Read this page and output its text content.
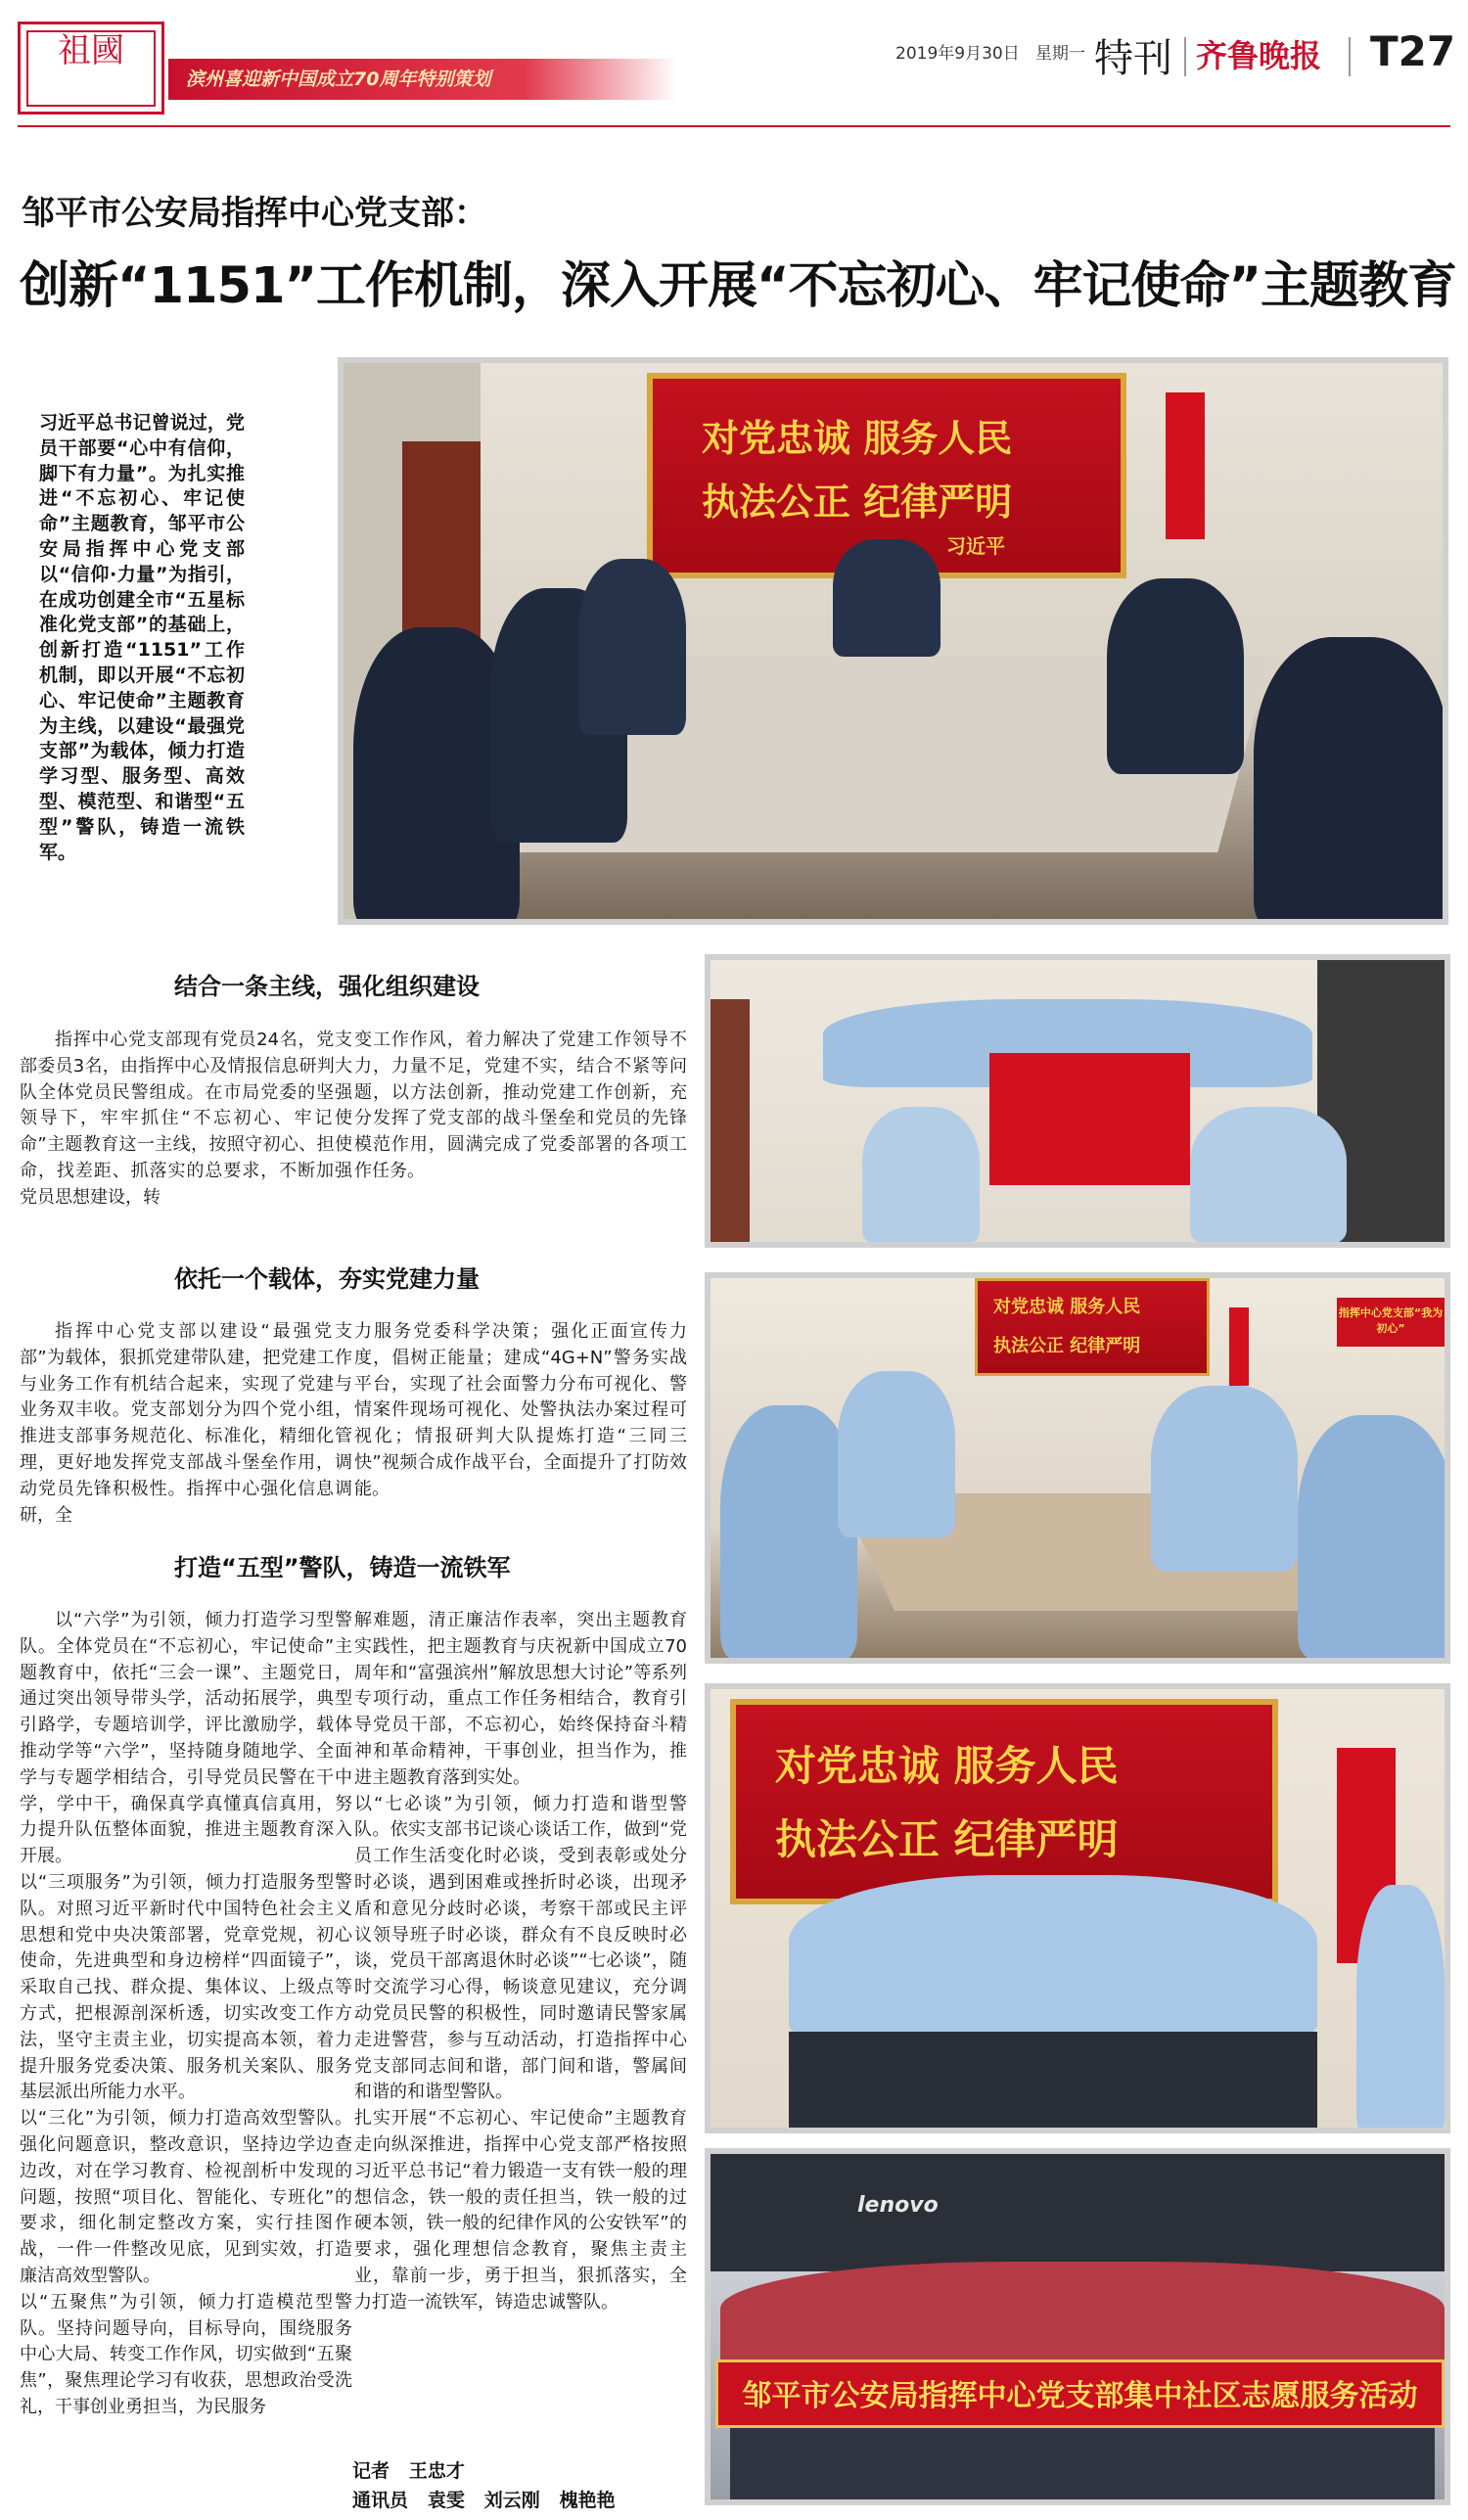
祖國
滨州喜迎新中国成立70周年特别策划
2019年9月30日 星期一 特刊 齐鲁晚报 T27
邹平市公安局指挥中心党支部：
创新“1151”工作机制，深入开展“不忘初心、牢记使命”主题教育
习近平总书记曾说过，党员干部要“心中有信仰，脚下有力量”。为扎实推进“不忘初心、牢记使命”主题教育，邹平市公安局指挥中心党支部以“信仰·力量”为指引，在成功创建全市“五星标准化党支部”的基础上，创新打造“1151”工作机制，即以开展“不忘初心、牢记使命”主题教育为主线，以建设“最强党支部”为载体，倾力打造学习型、服务型、高效型、模范型、和谐型“五型”警队，铸造一流铁军。
对党忠诚 服务人民
执法公正 纪律严明
习近平
结合一条主线，强化组织建设
指挥中心党支部现有党员24名，党支部委员3名，由指挥中心及情报信息研判大队全体党员民警组成。在市局党委的坚强领导下，牢牢抓住“不忘初心、牢记使命”主题教育这一主线，按照守初心、担使命，找差距、抓落实的总要求，不断加强党员思想建设，转
变工作作风，着力解决了党建工作领导不力，力量不足，党建不实，结合不紧等问题，以方法创新，推动党建工作创新，充分发挥了党支部的战斗堡垒和党员的先锋模范作用，圆满完成了党委部署的各项工作任务。
依托一个载体，夯实党建力量
指挥中心党支部以建设“最强党支部”为载体，狠抓党建带队建，把党建工作与业务工作有机结合起来，实现了党建与业务双丰收。党支部划分为四个党小组，推进支部事务规范化、标准化，精细化管理，更好地发挥党支部战斗堡垒作用，调动党员先锋积极性。指挥中心强化信息调研，全
力服务党委科学决策；强化正面宣传力度，倡树正能量；建成“4G+N”警务实战平台，实现了社会面警力分布可视化、警情案件现场可视化、处警执法办案过程可视化；情报研判大队提炼打造“三同三快”视频合成作战平台，全面提升了打防效能。
对党忠诚 服务人民
执法公正 纪律严明
指挥中心党支部“我为初心”
打造“五型”警队，铸造一流铁军
以“六学”为引领，倾力打造学习型警队。全体党员在“不忘初心，牢记使命”主题教育中，依托“三会一课”、主题党日，通过突出领导带头学，活动拓展学，典型引路学，专题培训学，评比激励学，载体推动学等“六学”，坚持随身随地学、全面学与专题学相结合，引导党员民警在干中学，学中干，确保真学真懂真信真用，努力提升队伍整体面貌，推进主题教育深入开展。
以“三项服务”为引领，倾力打造服务型警队。对照习近平新时代中国特色社会主义思想和党中央决策部署，党章党规，初心使命，先进典型和身边榜样“四面镜子”，采取自己找、群众提、集体议、上级点等方式，把根源剖深析透，切实改变工作方法，坚守主责主业，切实提高本领，着力提升服务党委决策、服务机关案队、服务基层派出所能力水平。
以“三化”为引领，倾力打造高效型警队。强化问题意识，整改意识，坚持边学边查边改，对在学习教育、检视剖析中发现的问题，按照“项目化、智能化、专班化”的要求，细化制定整改方案，实行挂图作战，一件一件整改见底，见到实效，打造廉洁高效型警队。
以“五聚焦”为引领，倾力打造模范型警队。坚持问题导向，目标导向，围绕服务中心大局、转变工作作风，切实做到“五聚焦”，聚焦理论学习有收获，思想政治受洗礼，干事创业勇担当，为民服务
解难题，清正廉洁作表率，突出主题教育实践性，把主题教育与庆祝新中国成立70周年和“富强滨州”解放思想大讨论”等系列专项行动，重点工作任务相结合，教育引导党员干部，不忘初心，始终保持奋斗精神和革命精神，干事创业，担当作为，推进主题教育落到实处。
以“七必谈”为引领，倾力打造和谐型警队。依实支部书记谈心谈话工作，做到“党员工作生活变化时必谈，受到表彰或处分时必谈，遇到困难或挫折时必谈，出现矛盾和意见分歧时必谈，考察干部或民主评议领导班子时必谈，群众有不良反映时必谈，党员干部离退休时必谈”“七必谈”，随时交流学习心得，畅谈意见建议，充分调动党员民警的积极性，同时邀请民警家属走进警营，参与互动活动，打造指挥中心党支部同志间和谐，部门间和谐，警属间和谐的和谐型警队。
扎实开展“不忘初心、牢记使命”主题教育走向纵深推进，指挥中心党支部严格按照习近平总书记“着力锻造一支有铁一般的理想信念，铁一般的责任担当，铁一般的过硬本领，铁一般的纪律作风的公安铁军”的要求，强化理想信念教育，聚焦主责主业，靠前一步，勇于担当，狠抓落实，全力打造一流铁军，铸造忠诚警队。
对党忠诚 服务人民
执法公正 纪律严明
lenovo
邹平市公安局指挥中心党支部集中社区志愿服务活动
记者 王忠才
通讯员 袁雯 刘云刚 槐艳艳
